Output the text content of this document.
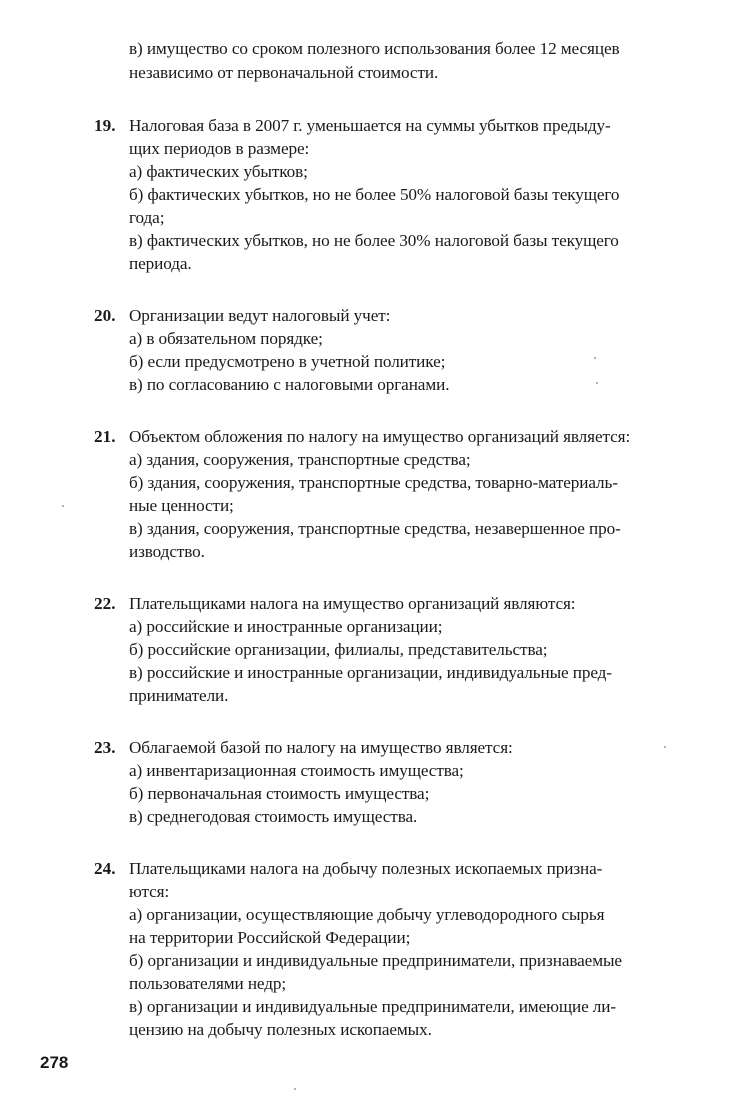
в) имущество со сроком полезного использования более 12 месяцев
независимо от первоначальной стоимости.
19. Налоговая база в 2007 г. уменьшается на суммы убытков предыду-
щих периодов в размере:
а) фактических убытков;
б) фактических убытков, но не более 50% налоговой базы текущего
года;
в) фактических убытков, но не более 30% налоговой базы текущего
периода.
20. Организации ведут налоговый учет:
а) в обязательном порядке;
б) если предусмотрено в учетной политике;
в) по согласованию с налоговыми органами.
21. Объектом обложения по налогу на имущество организаций является:
а) здания, сооружения, транспортные средства;
б) здания, сооружения, транспортные средства, товарно-материаль-
ные ценности;
в) здания, сооружения, транспортные средства, незавершенное про-
изводство.
22. Плательщиками налога на имущество организаций являются:
а) российские и иностранные организации;
б) российские организации, филиалы, представительства;
в) российские и иностранные организации, индивидуальные пред-
приниматели.
23. Облагаемой базой по налогу на имущество является:
а) инвентаризационная стоимость имущества;
б) первоначальная стоимость имущества;
в) среднегодовая стоимость имущества.
24. Плательщиками налога на добычу полезных ископаемых призна-
ются:
а) организации, осуществляющие добычу углеводородного сырья
на территории Российской Федерации;
б) организации и индивидуальные предприниматели, признаваемые
пользователями недр;
в) организации и индивидуальные предприниматели, имеющие ли-
цензию на добычу полезных ископаемых.
278
